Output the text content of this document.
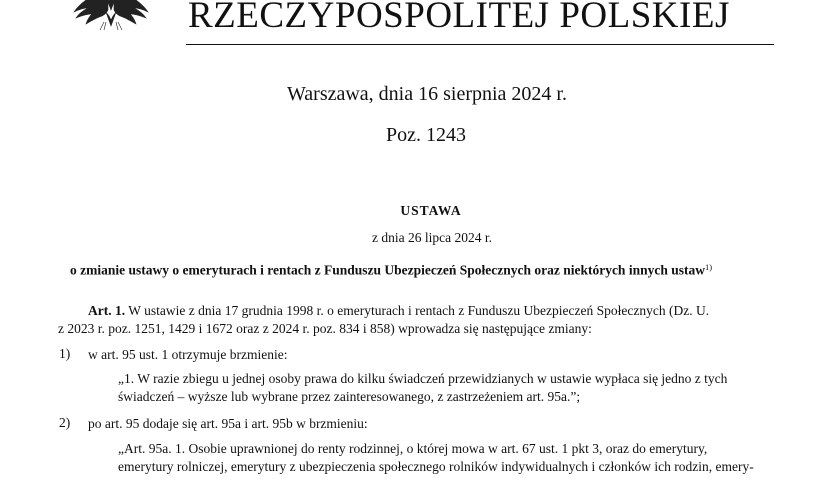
RZECZYPOSPOLITEJ POLSKIEJ
Warszawa, dnia 16 sierpnia 2024 r.
Poz. 1243
USTAWA
z dnia 26 lipca 2024 r.
o zmianie ustawy o emeryturach i rentach z Funduszu Ubezpieczeń Społecznych oraz niektórych innych ustaw$^{1)}$
Art. 1. W ustawie z dnia 17 grudnia 1998 r. o emeryturach i rentach z Funduszu Ubezpieczeń Społecznych (Dz. U.
z 2023 r. poz. 1251, 1429 i 1672 oraz z 2024 r. poz. 834 i 858) wprowadza się następujące zmiany:
1) w art. 95 ust. 1 otrzymuje brzmienie:
„1. W razie zbiegu u jednej osoby prawa do kilku świadczeń przewidzianych w ustawie wypłaca się jedno z tych
świadczeń – wyższe lub wybrane przez zainteresowanego, z zastrzeżeniem art. 95a.”;
2) po art. 95 dodaje się art. 95a i art. 95b w brzmieniu:
„Art. 95a. 1. Osobie uprawnionej do renty rodzinnej, o której mowa w art. 67 ust. 1 pkt 3, oraz do emerytury,
emerytury rolniczej, emerytury z ubezpieczenia społecznego rolników indywidualnych i członków ich rodzin, emery-
